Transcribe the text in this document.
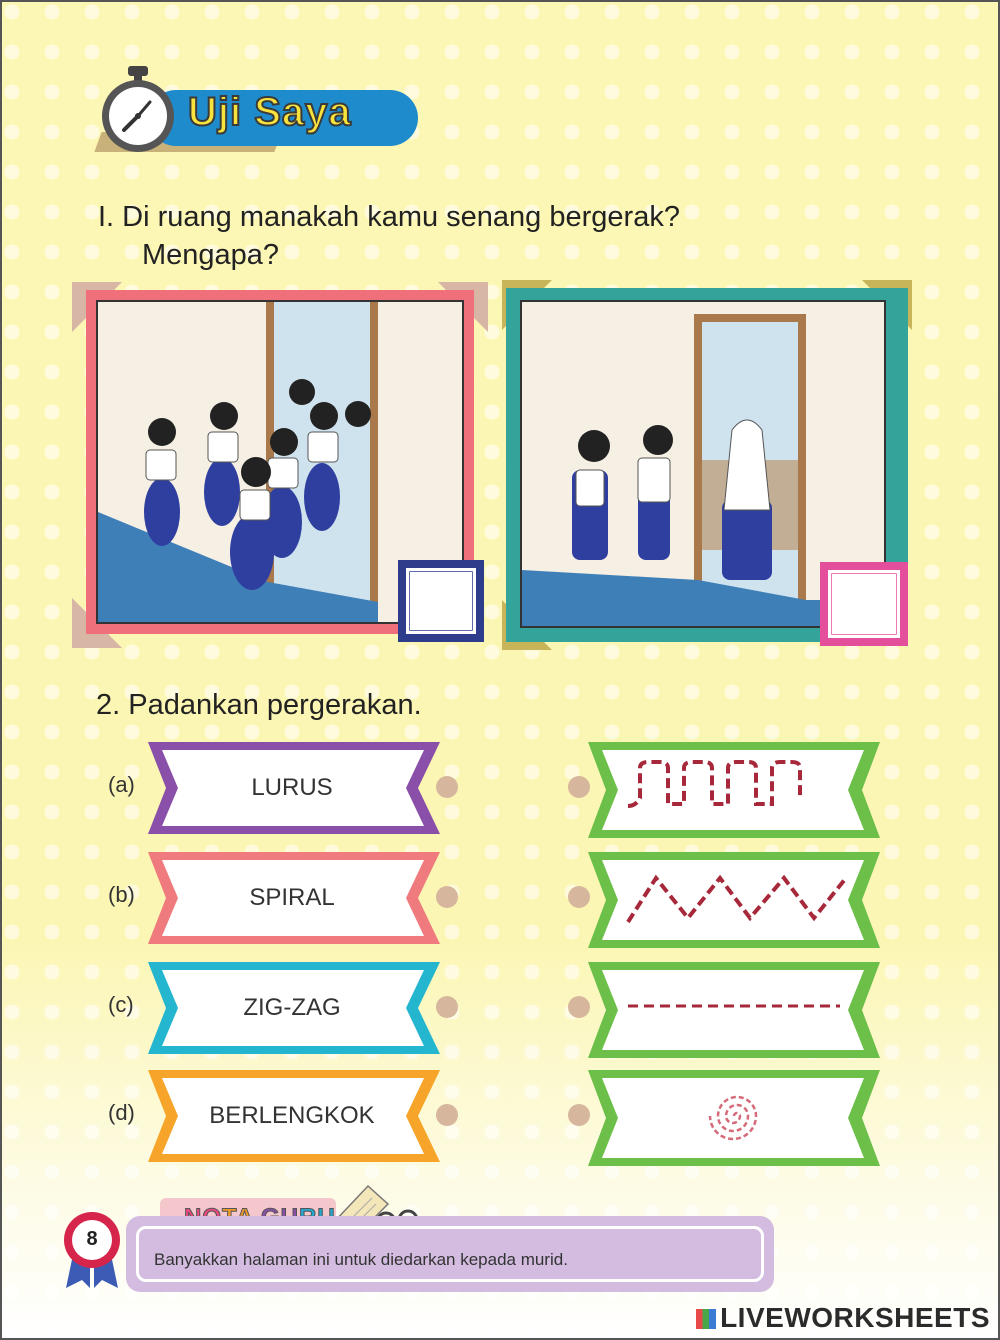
Uji Saya
I. Di ruang manakah kamu senang bergerak?
Mengapa?
2. Padankan pergerakan.
(a)	LURUS
(b)	SPIRAL
(c)	ZIG-ZAG
(d)	BERLENGKOK
Banyakkan halaman ini untuk diedarkan kepada murid.
8
LIVEWORKSHEETS
